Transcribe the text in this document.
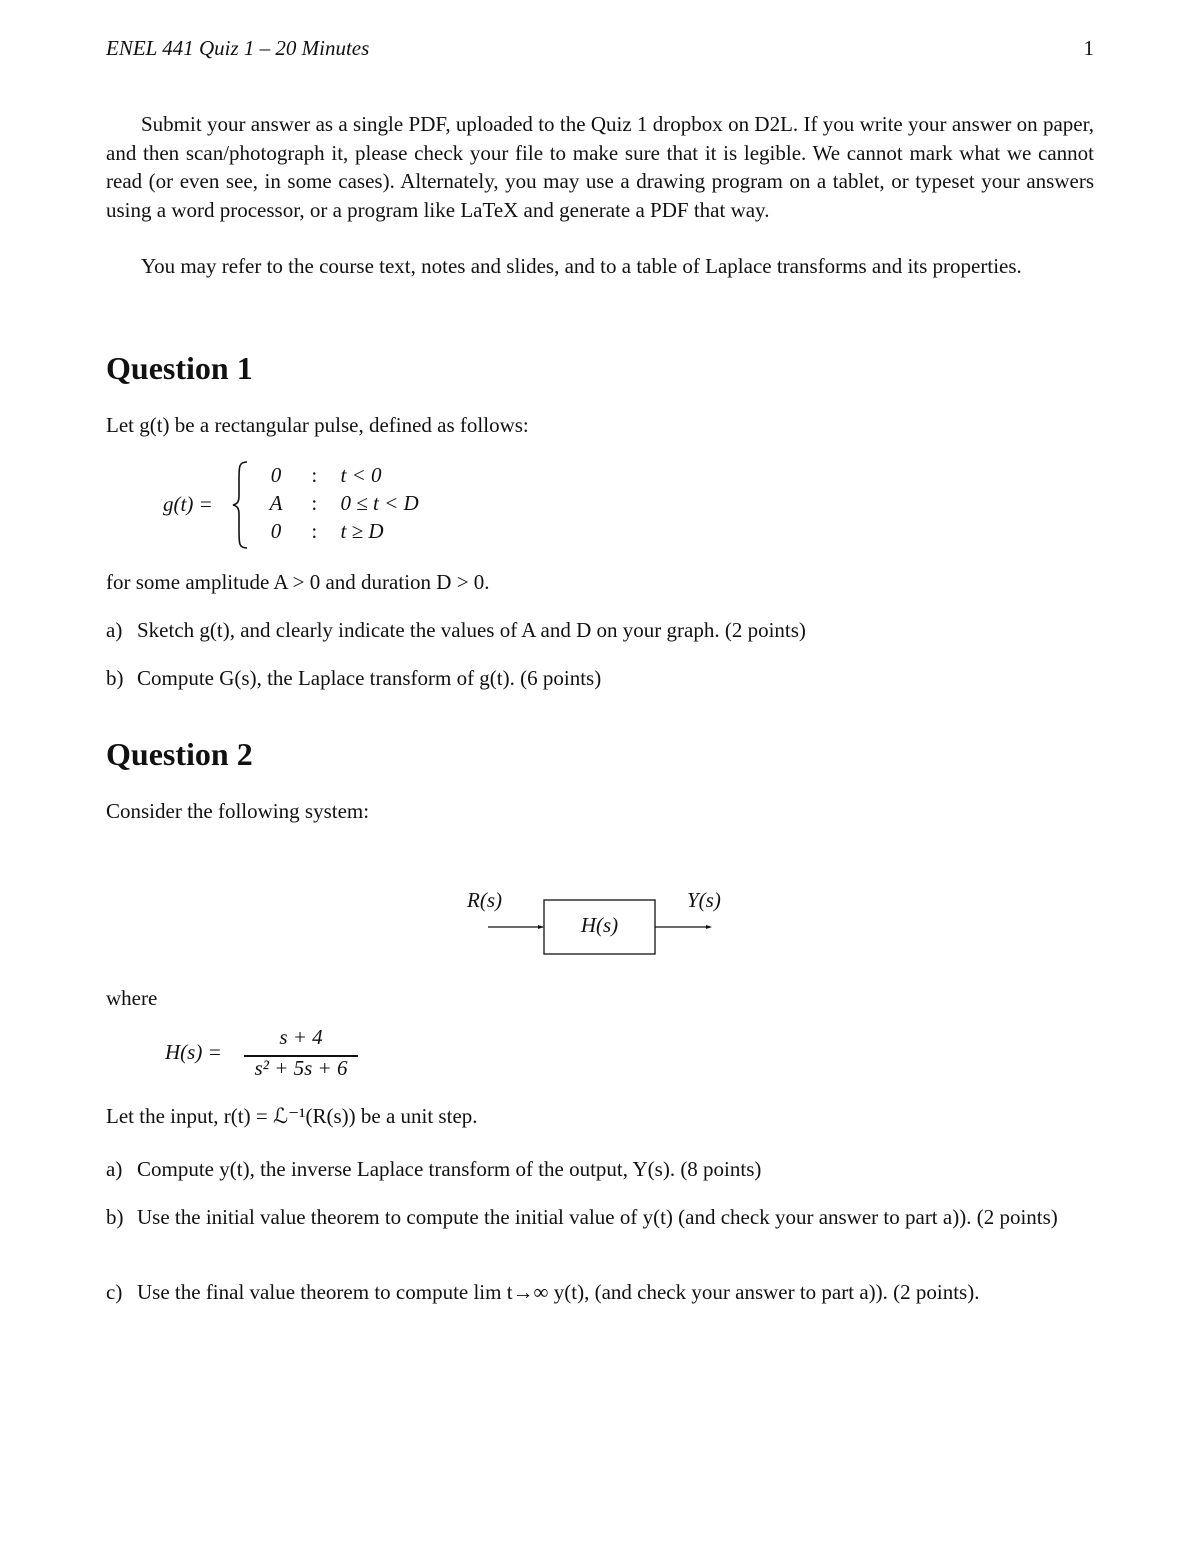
ENEL 441 Quiz 1 – 20 Minutes	1

Submit your answer as a single PDF, uploaded to the Quiz 1 dropbox on D2L. If you write your answer on paper, and then scan/photograph it, please check your file to make sure that it is legible. We cannot mark what we cannot read (or even see, in some cases). Alternately, you may use a drawing program on a tablet, or typeset your answers using a word processor, or a program like LaTeX and generate a PDF that way.

You may refer to the course text, notes and slides, and to a table of Laplace transforms and its properties.

Question 1
Let g(t) be a rectangular pulse, defined as follows:
g(t) =
0 : t < 0
A : 0 ≤ t < D
0 : t ≥ D
for some amplitude A > 0 and duration D > 0.
a) Sketch g(t), and clearly indicate the values of A and D on your graph. (2 points)
b) Compute G(s), the Laplace transform of g(t). (6 points)
Question 2
Consider the following system:
R(s)	Y(s)
H(s)
where
H(s) =
s + 4
s² + 5s + 6
Let the input, r(t) = ℒ⁻¹(R(s)) be a unit step.
a) Compute y(t), the inverse Laplace transform of the output, Y(s). (8 points)
b) Use the initial value theorem to compute the initial value of y(t) (and check your answer to part a)). (2 points)
c) Use the final value theorem to compute lim t→∞ y(t), (and check your answer to part a)). (2 points).
